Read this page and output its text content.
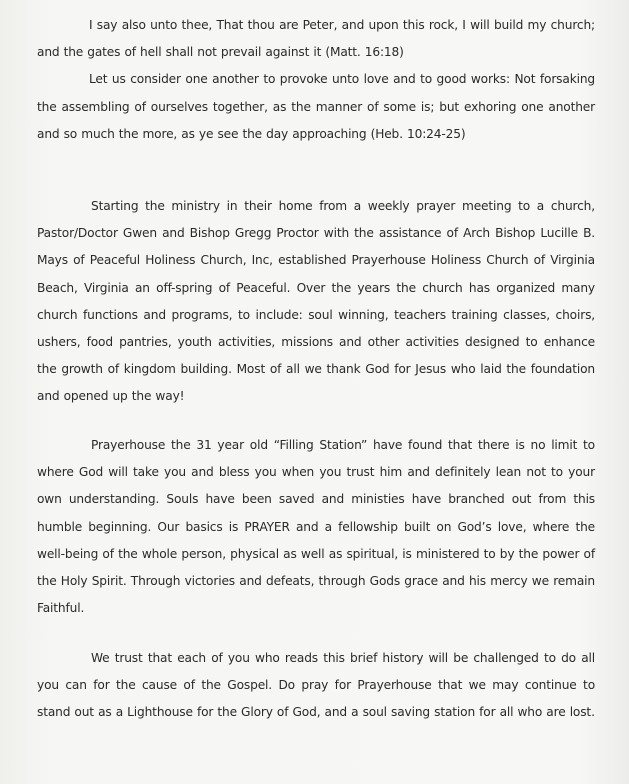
I say also unto thee, That thou are Peter, and upon this rock, I will build my church; and the gates of hell shall not prevail against it (Matt. 16:18)

Let us consider one another to provoke unto love and to good works: Not forsaking the assembling of ourselves together, as the manner of some is; but exhoring one another and so much the more, as ye see the day approaching (Heb. 10:24-25)

Starting the ministry in their home from a weekly prayer meeting to a church, Pastor/Doctor Gwen and Bishop Gregg Proctor with the assistance of Arch Bishop Lucille B. Mays of Peaceful Holiness Church, Inc, established Prayerhouse Holiness Church of Virginia Beach, Virginia an off-spring of Peaceful. Over the years the church has organized many church functions and programs, to include: soul winning, teachers training classes, choirs, ushers, food pantries, youth activities, missions and other activities designed to enhance the growth of kingdom building. Most of all we thank God for Jesus who laid the foundation and opened up the way!

Prayerhouse the 31 year old “Filling Station” have found that there is no limit to where God will take you and bless you when you trust him and definitely lean not to your own understanding. Souls have been saved and ministies have branched out from this humble beginning. Our basics is PRAYER and a fellowship built on God’s love, where the well-being of the whole person, physical as well as spiritual, is ministered to by the power of the Holy Spirit. Through victories and defeats, through Gods grace and his mercy we remain Faithful.

We trust that each of you who reads this brief history will be challenged to do all you can for the cause of the Gospel. Do pray for Prayerhouse that we may continue to stand out as a Lighthouse for the Glory of God, and a soul saving station for all who are lost.
